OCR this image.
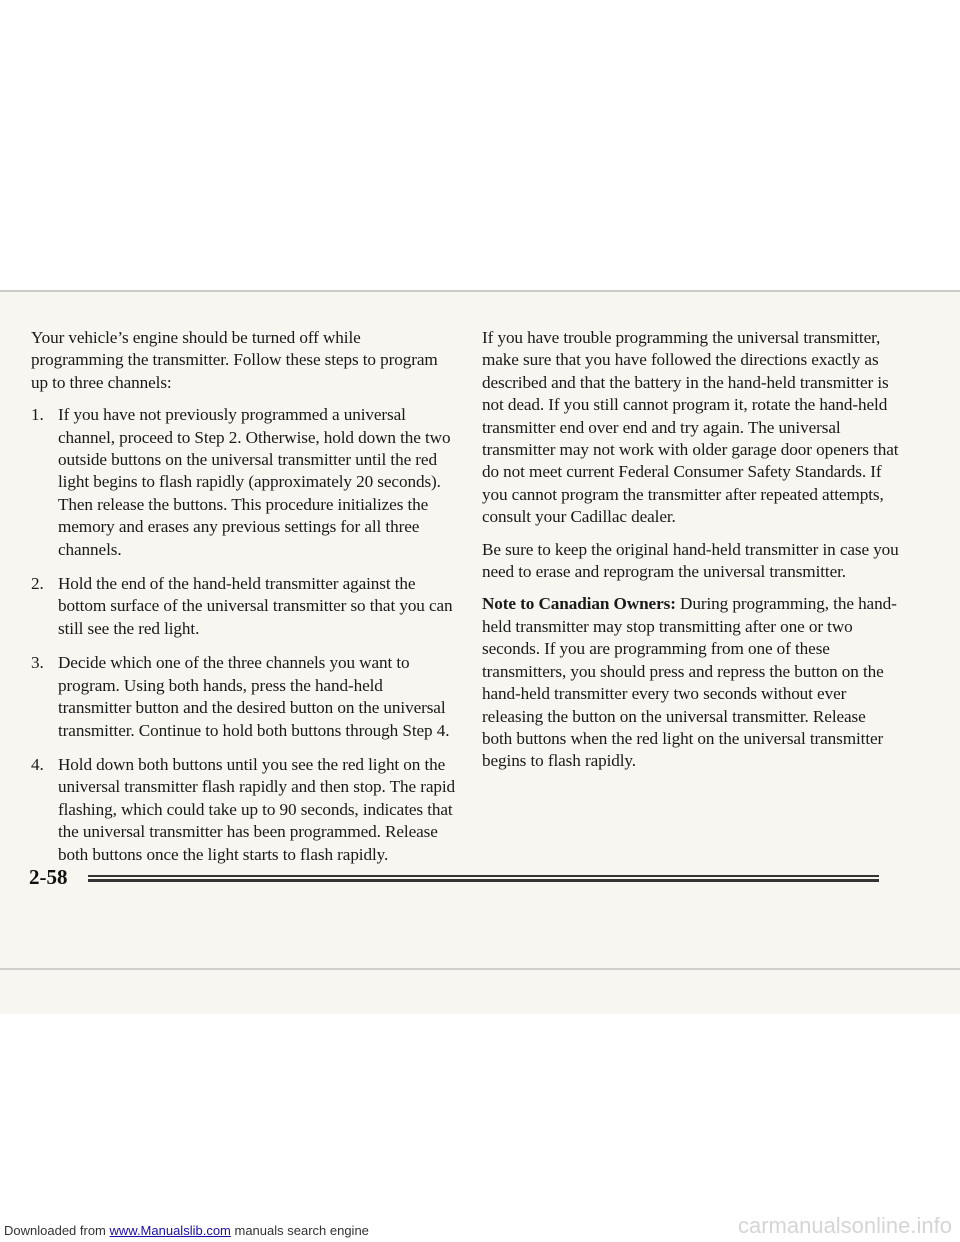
Your vehicle’s engine should be turned off while programming the transmitter. Follow these steps to program up to three channels:

1. If you have not previously programmed a universal channel, proceed to Step 2. Otherwise, hold down the two outside buttons on the universal transmitter until the red light begins to flash rapidly (approximately 20 seconds). Then release the buttons. This procedure initializes the memory and erases any previous settings for all three channels.
2. Hold the end of the hand-held transmitter against the bottom surface of the universal transmitter so that you can still see the red light.
3. Decide which one of the three channels you want to program. Using both hands, press the hand-held transmitter button and the desired button on the universal transmitter. Continue to hold both buttons through Step 4.
4. Hold down both buttons until you see the red light on the universal transmitter flash rapidly and then stop. The rapid flashing, which could take up to 90 seconds, indicates that the universal transmitter has been programmed. Release both buttons once the light starts to flash rapidly.

If you have trouble programming the universal transmitter, make sure that you have followed the directions exactly as described and that the battery in the hand-held transmitter is not dead. If you still cannot program it, rotate the hand-held transmitter end over end and try again. The universal transmitter may not work with older garage door openers that do not meet current Federal Consumer Safety Standards. If you cannot program the transmitter after repeated attempts, consult your Cadillac dealer.

Be sure to keep the original hand-held transmitter in case you need to erase and reprogram the universal transmitter.

Note to Canadian Owners: During programming, the hand-held transmitter may stop transmitting after one or two seconds. If you are programming from one of these transmitters, you should press and repress the button on the hand-held transmitter every two seconds without ever releasing the button on the universal transmitter. Release both buttons when the red light on the universal transmitter begins to flash rapidly.

2-58
Downloaded from www.Manualslib.com manuals search engine	carmanualsonline.info
